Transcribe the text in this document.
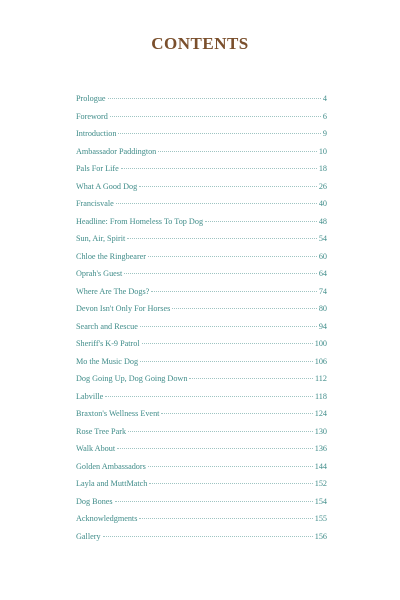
CONTENTS
Prologue	4
Foreword	6
Introduction	9
Ambassador Paddington	10
Pals For Life	18
What A Good Dog	26
Francisvale	40
Headline: From Homeless To Top Dog	48
Sun, Air, Spirit	54
Chloe the Ringbearer	60
Oprah's Guest	64
Where Are The Dogs?	74
Devon Isn't Only For Horses	80
Search and Rescue	94
Sheriff's K-9 Patrol	100
Mo the Music Dog	106
Dog Going Up, Dog Going Down	112
Labville	118
Braxton's Wellness Event	124
Rose Tree Park	130
Walk About	136
Golden Ambassadors	144
Layla and MuttMatch	152
Dog Bones	154
Acknowledgments	155
Gallery	156
